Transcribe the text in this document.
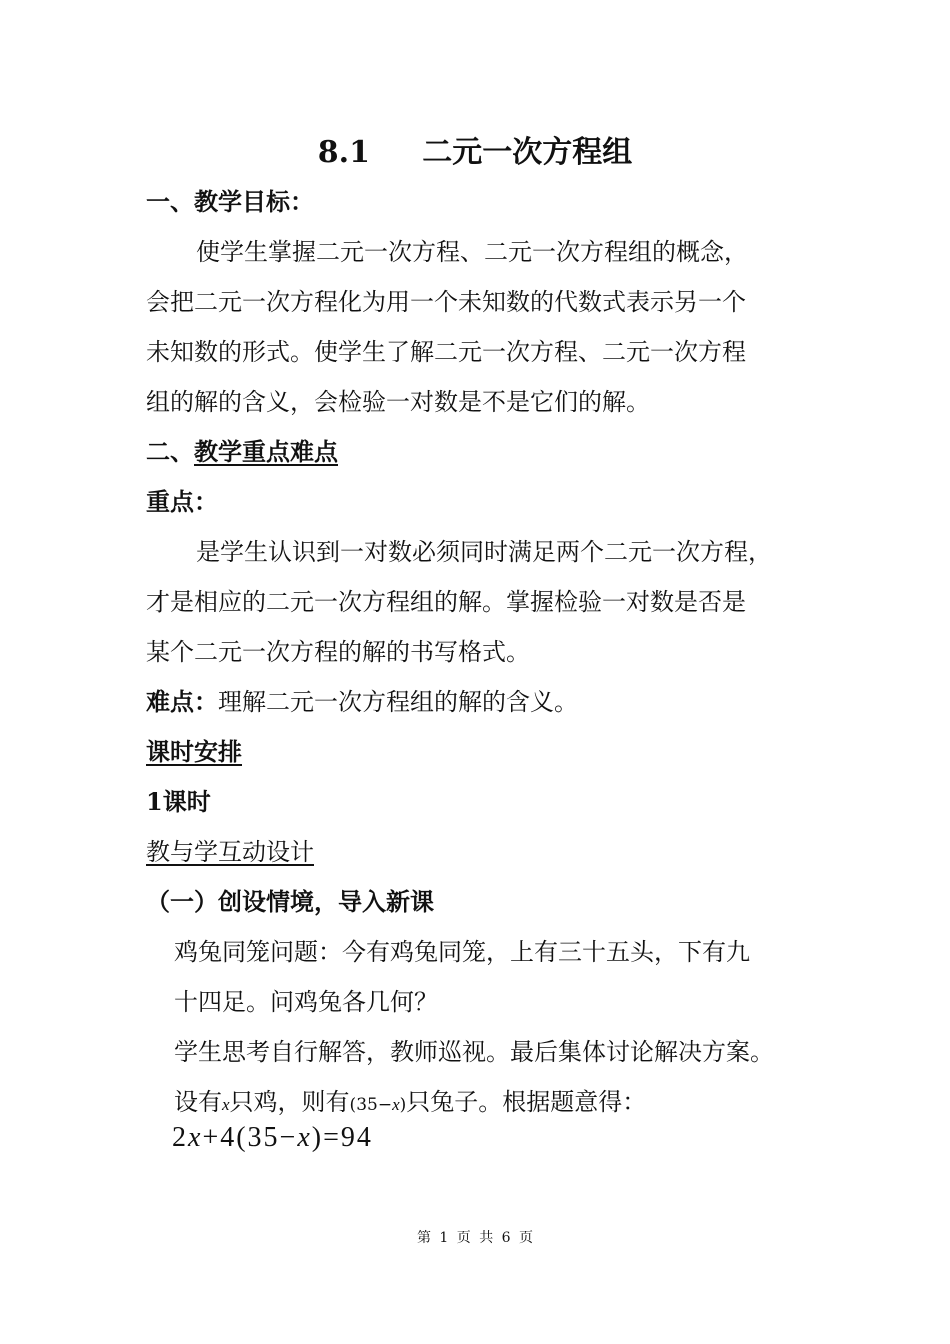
8.1     二元一次方程组
一、教学目标：
使学生掌握二元一次方程、二元一次方程组的概念，
会把二元一次方程化为用一个未知数的代数式表示另一个
未知数的形式。使学生了解二元一次方程、二元一次方程
组的解的含义，会检验一对数是不是它们的解。
二、教学重点难点
重点：
是学生认识到一对数必须同时满足两个二元一次方程，
才是相应的二元一次方程组的解。掌握检验一对数是否是
某个二元一次方程的解的书写格式。
难点：理解二元一次方程组的解的含义。
课时安排
1课时
教与学互动设计
（一）创设情境，导入新课
鸡兔同笼问题：今有鸡兔同笼，上有三十五头，下有九
十四足。问鸡兔各几何？
学生思考自行解答，教师巡视。最后集体讨论解决方案。
设有x只鸡，则有(35−x)只兔子。根据题意得：
2x+4(35−x)=94
第 1 页 共 6 页
